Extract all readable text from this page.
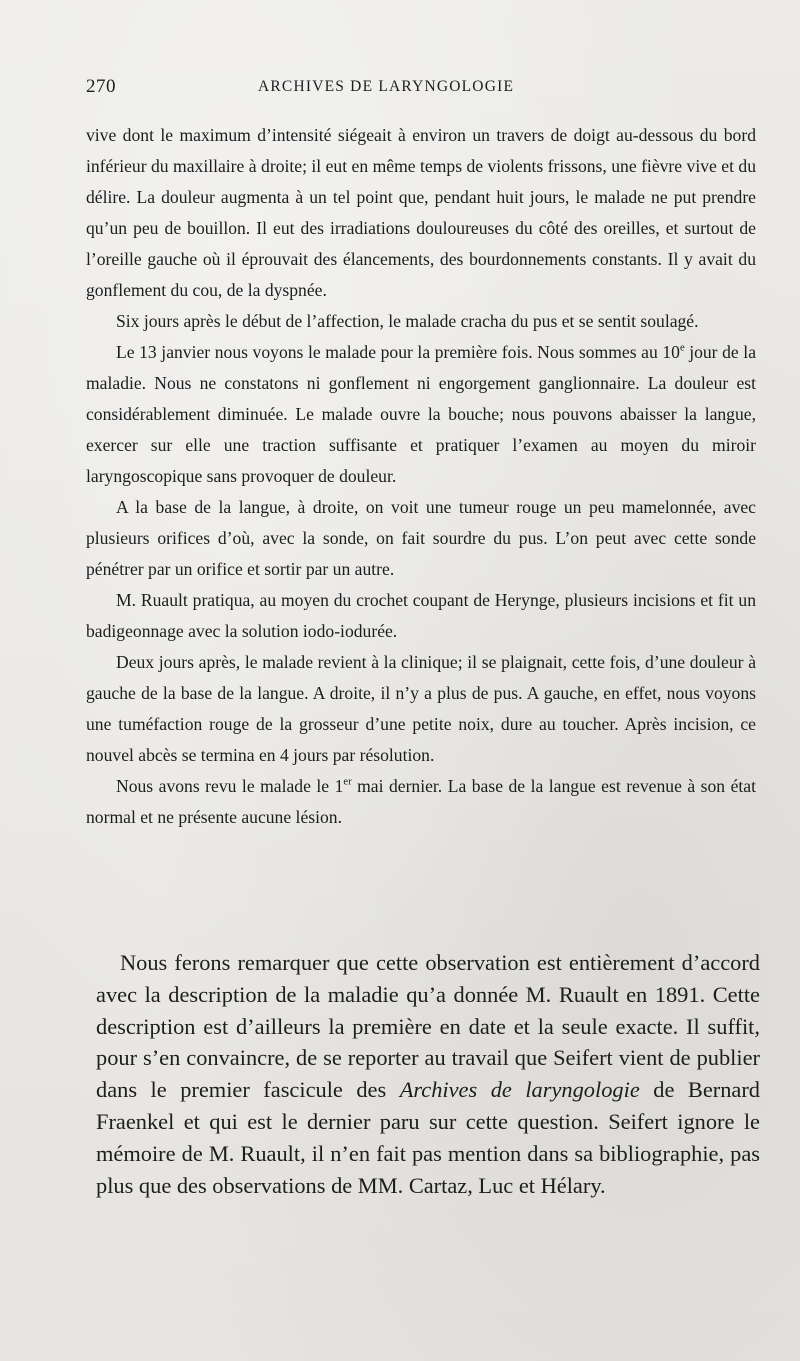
270	ARCHIVES DE LARYNGOLOGIE

vive dont le maximum d’intensité siégeait à environ un travers de doigt au-dessous du bord inférieur du maxillaire à droite; il eut en même temps de violents frissons, une fièvre vive et du délire. La douleur augmenta à un tel point que, pendant huit jours, le malade ne put prendre qu’un peu de bouillon. Il eut des irradiations douloureuses du côté des oreilles, et surtout de l’oreille gauche où il éprouvait des élancements, des bourdonnements constants. Il y avait du gonflement du cou, de la dyspnée.

Six jours après le début de l’affection, le malade cracha du pus et se sentit soulagé.

Le 13 janvier nous voyons le malade pour la première fois. Nous sommes au 10e jour de la maladie. Nous ne constatons ni gonflement ni engorgement ganglionnaire. La douleur est considérablement diminuée. Le malade ouvre la bouche; nous pouvons abaisser la langue, exercer sur elle une traction suffisante et pratiquer l’examen au moyen du miroir laryngoscopique sans provoquer de douleur.

A la base de la langue, à droite, on voit une tumeur rouge un peu mamelonnée, avec plusieurs orifices d’où, avec la sonde, on fait sourdre du pus. L’on peut avec cette sonde pénétrer par un orifice et sortir par un autre.

M. Ruault pratiqua, au moyen du crochet coupant de Herynge, plusieurs incisions et fit un badigeonnage avec la solution iodo-iodurée.

Deux jours après, le malade revient à la clinique; il se plaignait, cette fois, d’une douleur à gauche de la base de la langue. A droite, il n’y a plus de pus. A gauche, en effet, nous voyons une tuméfaction rouge de la grosseur d’une petite noix, dure au toucher. Après incision, ce nouvel abcès se termina en 4 jours par résolution.

Nous avons revu le malade le 1er mai dernier. La base de la langue est revenue à son état normal et ne présente aucune lésion.

Nous ferons remarquer que cette observation est entièrement d’accord avec la description de la maladie qu’a donnée M. Ruault en 1891. Cette description est d’ailleurs la première en date et la seule exacte. Il suffit, pour s’en convaincre, de se reporter au travail que Seifert vient de publier dans le premier fascicule des Archives de laryngologie de Bernard Fraenkel et qui est le dernier paru sur cette question. Seifert ignore le mémoire de M. Ruault, il n’en fait pas mention dans sa bibliographie, pas plus que des observations de MM. Cartaz, Luc et Hélary.
